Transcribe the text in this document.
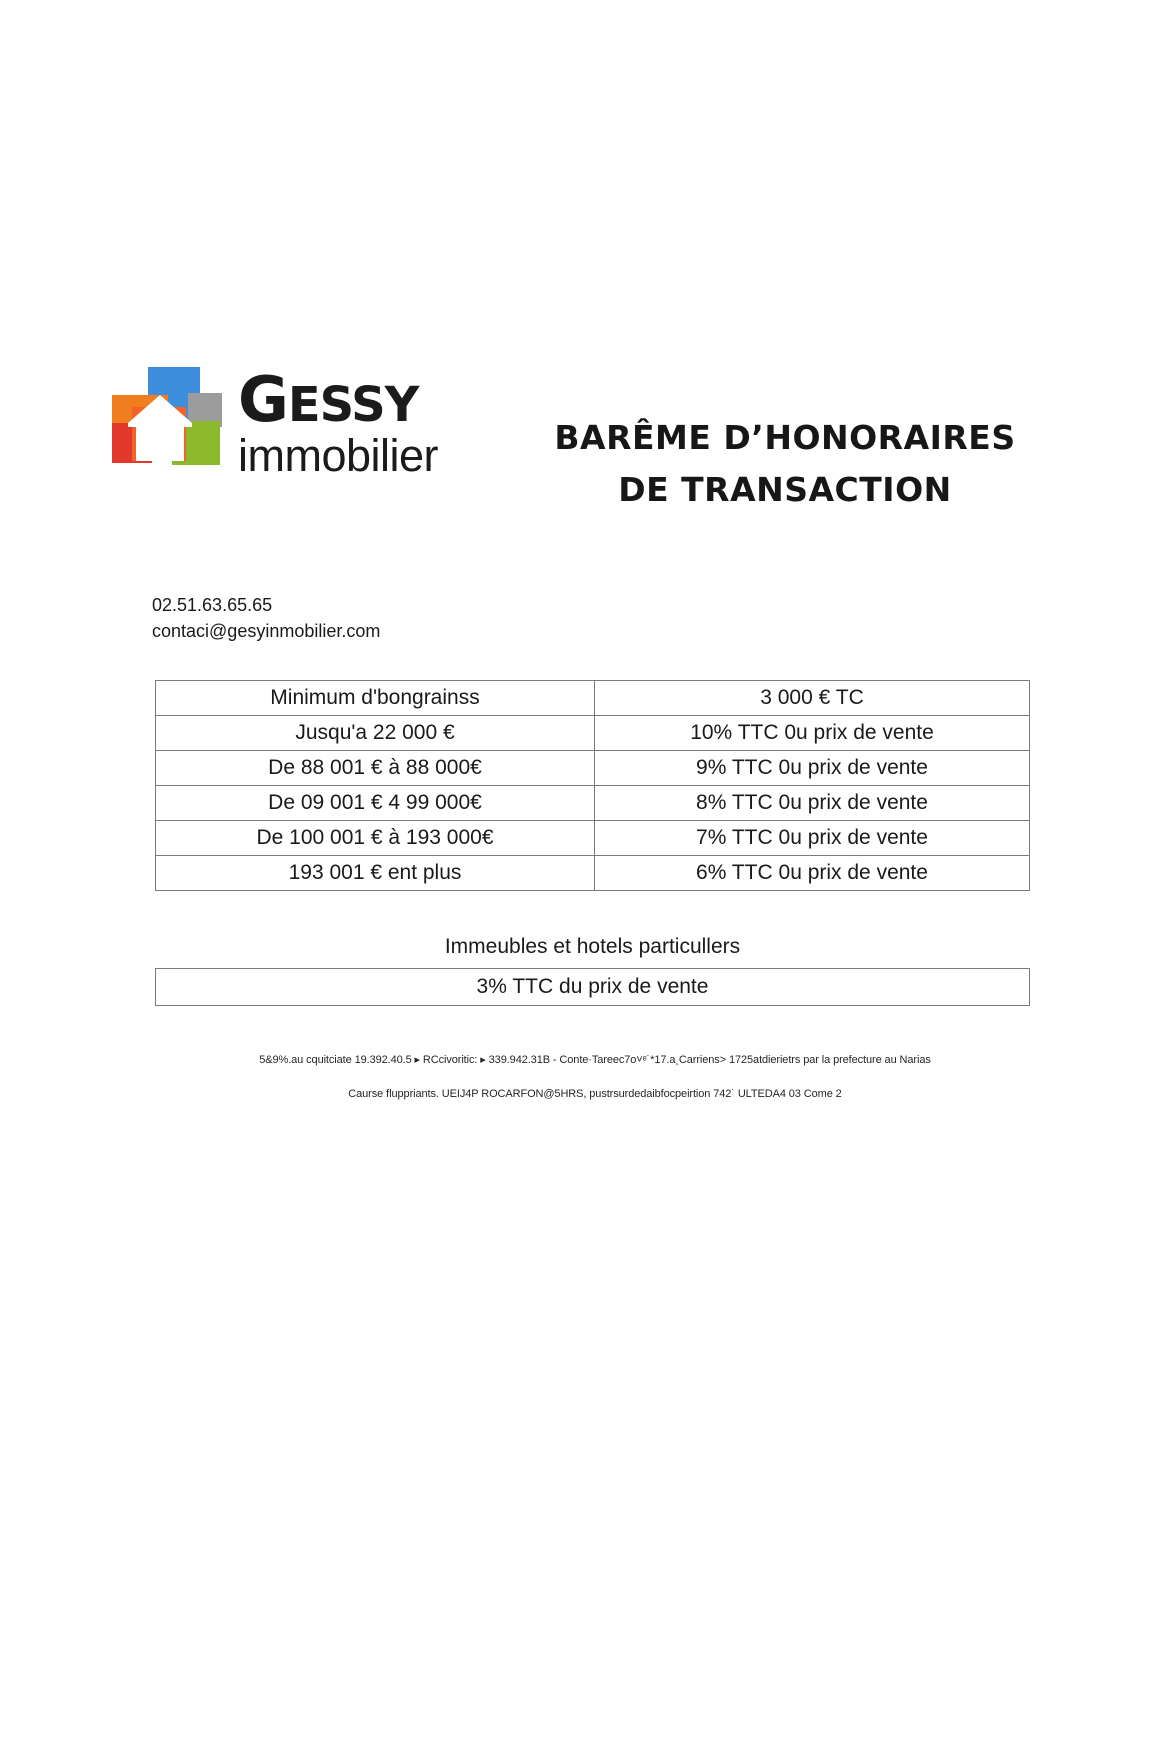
GESSY
immobilier	BARÊME D’HONORAIRES
DE TRANSACTION
02.51.63.65.65
contaci@gesyinmobilier.com
Minimum d'bongrainss	3 000 € TC
Jusqu'a 22 000 €	10% TTC 0u prix de vente
De 88 001 € à 88 000€	9% TTC 0u prix de vente
De 09 001 € 4 99 000€	8% TTC 0u prix de vente
De 100 001 € à 193 000€	7% TTC 0u prix de vente
193 001 € ent plus	6% TTC 0u prix de vente
Immeubles et hotels particullers
3% TTC du prix de vente
5&9%.au cquitciate 19.392.40.5 ▸ RCcivoritic: ▸ 339.942.31B - Conte·Tareec7o˅ᵉ˙*17.a˲Carriens˃ 1725atdierietrs par la prefecture au Narias
Caurse ﬂuppriants. UEIJ4P ROCARFON@5HRS, pustrsurdedaibfocpeirtion 742˙ ULTEDA4 03 Come 2
